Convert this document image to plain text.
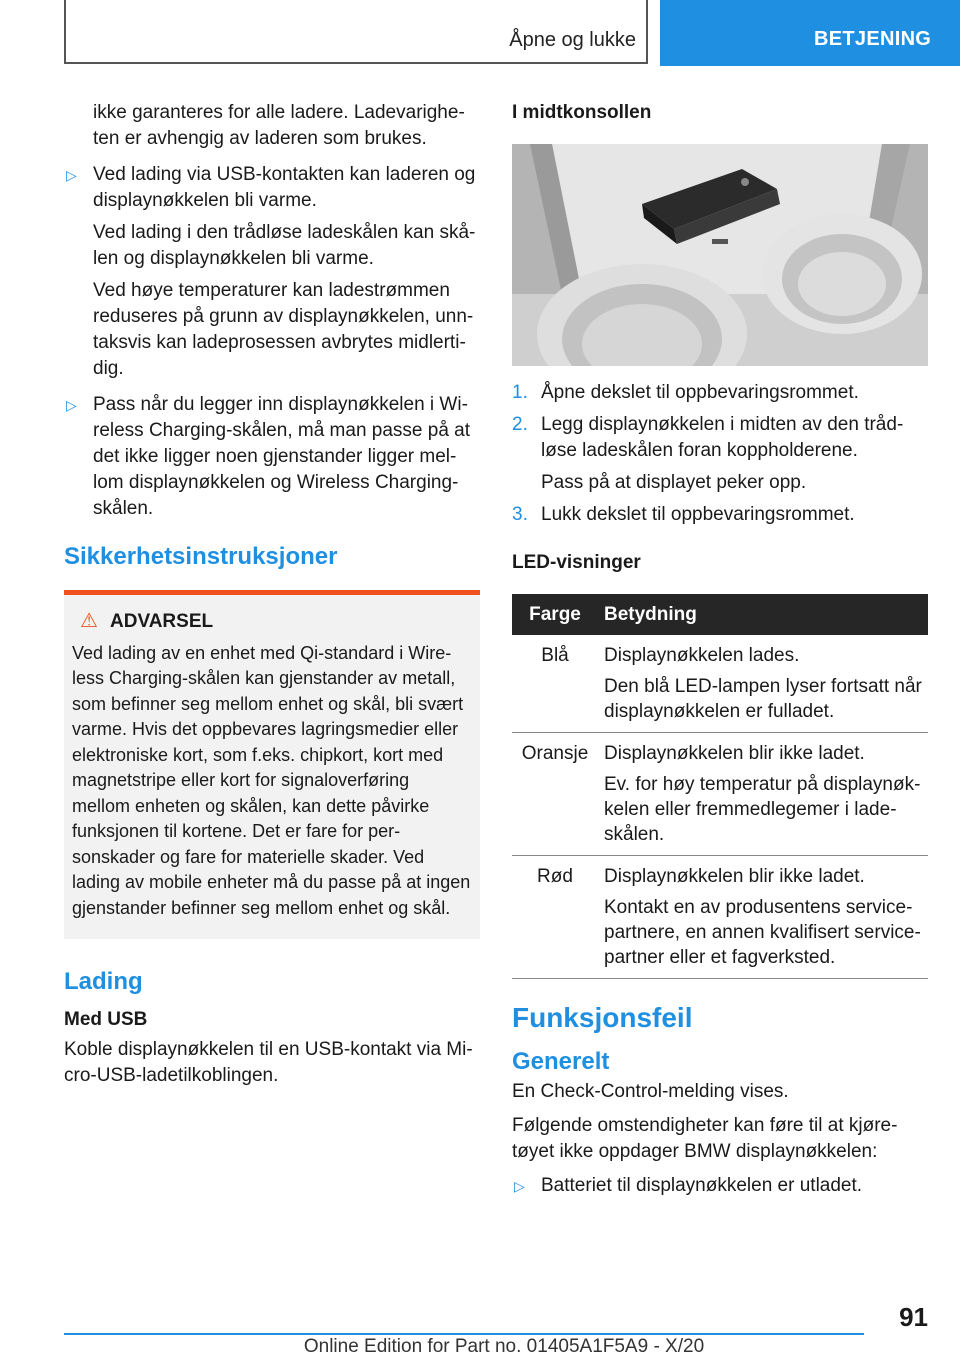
Åpne og lukke	BETJENING

ikke garanteres for alle ladere. Ladevarigheten er avhengig av laderen som brukes.

▷ Ved lading via USB-kontakten kan laderen og displaynøkkelen bli varme.

Ved lading i den trådløse ladeskålen kan skålen og displaynøkkelen bli varme.

Ved høye temperaturer kan ladestrømmen reduseres på grunn av displaynøkkelen, unntaksvis kan ladeprosessen avbrytes midlertidig.

▷ Pass når du legger inn displaynøkkelen i Wireless Charging-skålen, må man passe på at det ikke ligger noen gjenstander ligger mellom displaynøkkelen og Wireless Charging-skålen.

Sikkerhetsinstruksjoner
⚠ ADVARSEL

Ved lading av en enhet med Qi-standard i Wireless Charging-skålen kan gjenstander av metall, som befinner seg mellom enhet og skål, bli svært varme. Hvis det oppbevares lagringsmedier eller elektroniske kort, som f.eks. chipkort, kort med magnetstripe eller kort for signaloverføring mellom enheten og skålen, kan dette påvirke funksjonen til kortene. Det er fare for personskader og fare for materielle skader. Ved lading av mobile enheter må du passe på at ingen gjenstander befinner seg mellom enhet og skål.

Lading
Med USB

Koble displaynøkkelen til en USB-kontakt via Micro-USB-ladetilkoblingen.

I midtkonsollen
1. Åpne dekslet til oppbevaringsrommet.

2. Legg displaynøkkelen i midten av den trådløse ladeskålen foran koppholderene.

Pass på at displayet peker opp.

3. Lukk dekslet til oppbevaringsrommet.

LED-visninger
Farge	Betydning
Blå	Displaynøkkelen lades.
Den blå LED-lampen lyser fortsatt når displaynøkkelen er fulladet.

Oransje	Displaynøkkelen blir ikke ladet.
Ev. for høy temperatur på displaynøkkelen eller fremmedlegemer i ladeskålen.

Rød	Displaynøkkelen blir ikke ladet.
Kontakt en av produsentens servicepartnere, en annen kvalifisert servicepartner eller et fagverksted.
Funksjonsfeil
Generelt

En Check-Control-melding vises.

Følgende omstendigheter kan føre til at kjøretøyet ikke oppdager BMW displaynøkkelen:

▷ Batteriet til displaynøkkelen er utladet.

91
Online Edition for Part no. 01405A1F5A9 - X/20
